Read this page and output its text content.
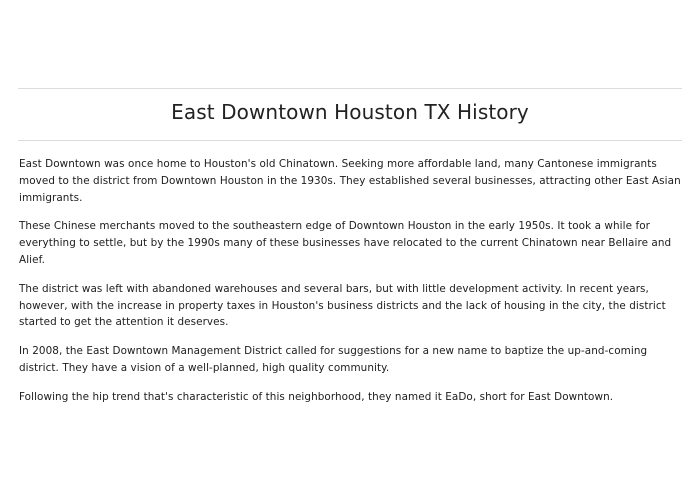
East Downtown Houston TX History

East Downtown was once home to Houston's old Chinatown. Seeking more affordable land, many Cantonese immigrants moved to the district from Downtown Houston in the 1930s. They established several businesses, attracting other East Asian immigrants.

These Chinese merchants moved to the southeastern edge of Downtown Houston in the early 1950s. It took a while for everything to settle, but by the 1990s many of these businesses have relocated to the current Chinatown near Bellaire and Alief.

The district was left with abandoned warehouses and several bars, but with little development activity. In recent years, however, with the increase in property taxes in Houston's business districts and the lack of housing in the city, the district started to get the attention it deserves.

In 2008, the East Downtown Management District called for suggestions for a new name to baptize the up-and-coming district. They have a vision of a well-planned, high quality community.

Following the hip trend that's characteristic of this neighborhood, they named it EaDo, short for East Downtown.
